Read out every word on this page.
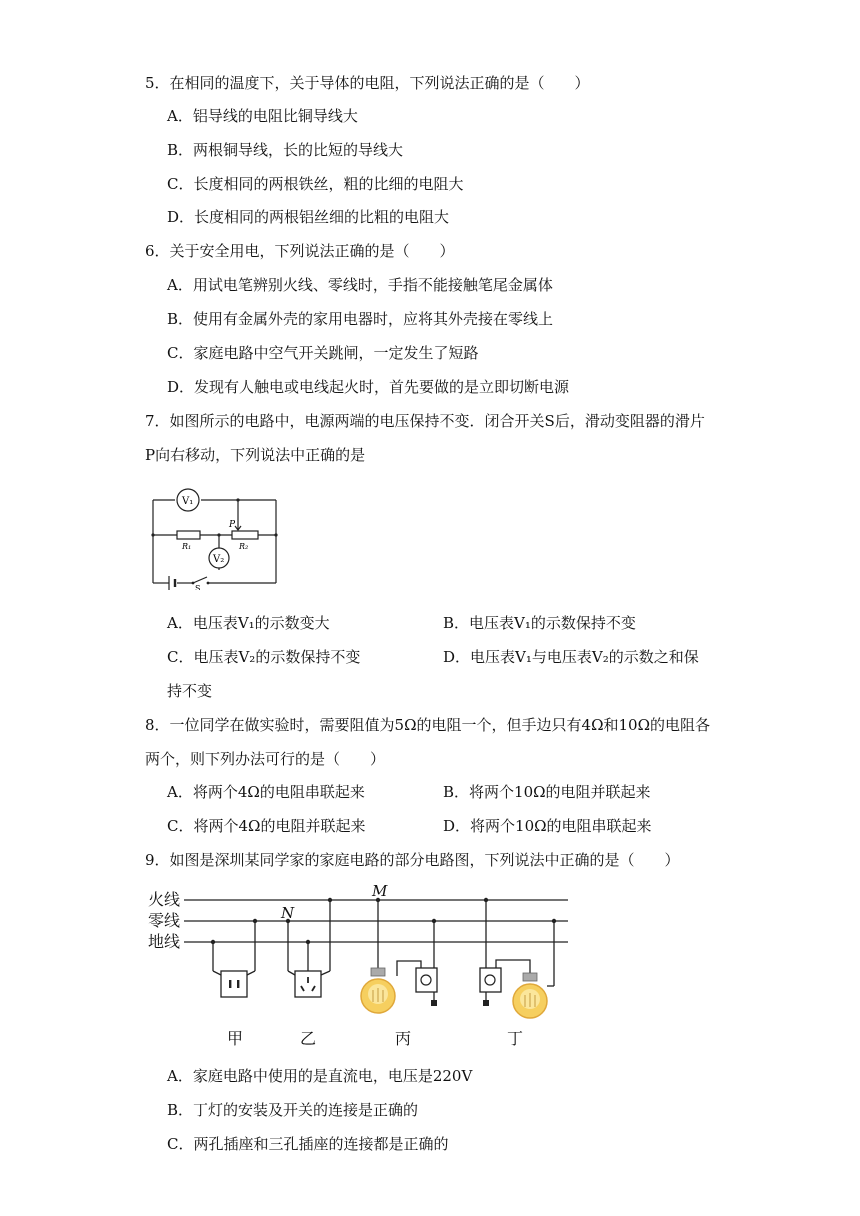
5．在相同的温度下，关于导体的电阻，下列说法正确的是（　　）
A．铝导线的电阻比铜导线大
B．两根铜导线，长的比短的导线大
C．长度相同的两根铁丝，粗的比细的电阻大
D．长度相同的两根铝丝细的比粗的电阻大
6．关于安全用电，下列说法正确的是（　　）
A．用试电笔辨别火线、零线时，手指不能接触笔尾金属体
B．使用有金属外壳的家用电器时，应将其外壳接在零线上
C．家庭电路中空气开关跳闸，一定发生了短路
D．发现有人触电或电线起火时，首先要做的是立即切断电源
7．如图所示的电路中，电源两端的电压保持不变．闭合开关S后，滑动变阻器的滑片
P向右移动，下列说法中正确的是
V₁
R₁	R₂
P
V₂
S
A．电压表V₁的示数变大	B．电压表V₁的示数保持不变
C．电压表V₂的示数保持不变	D．电压表V₁与电压表V₂的示数之和保
持不变
8．一位同学在做实验时，需要阻值为5Ω的电阻一个，但手边只有4Ω和10Ω的电阻各
两个，则下列办法可行的是（　　）
A．将两个4Ω的电阻串联起来	B．将两个10Ω的电阻并联起来
C．将两个4Ω的电阻并联起来	D．将两个10Ω的电阻串联起来
9．如图是深圳某同学家的家庭电路的部分电路图，下列说法中正确的是（　　）
火线
零线
地线
M
N
甲	乙	丙	丁
A．家庭电路中使用的是直流电，电压是220V
B．丁灯的安装及开关的连接是正确的
C．两孔插座和三孔插座的连接都是正确的
